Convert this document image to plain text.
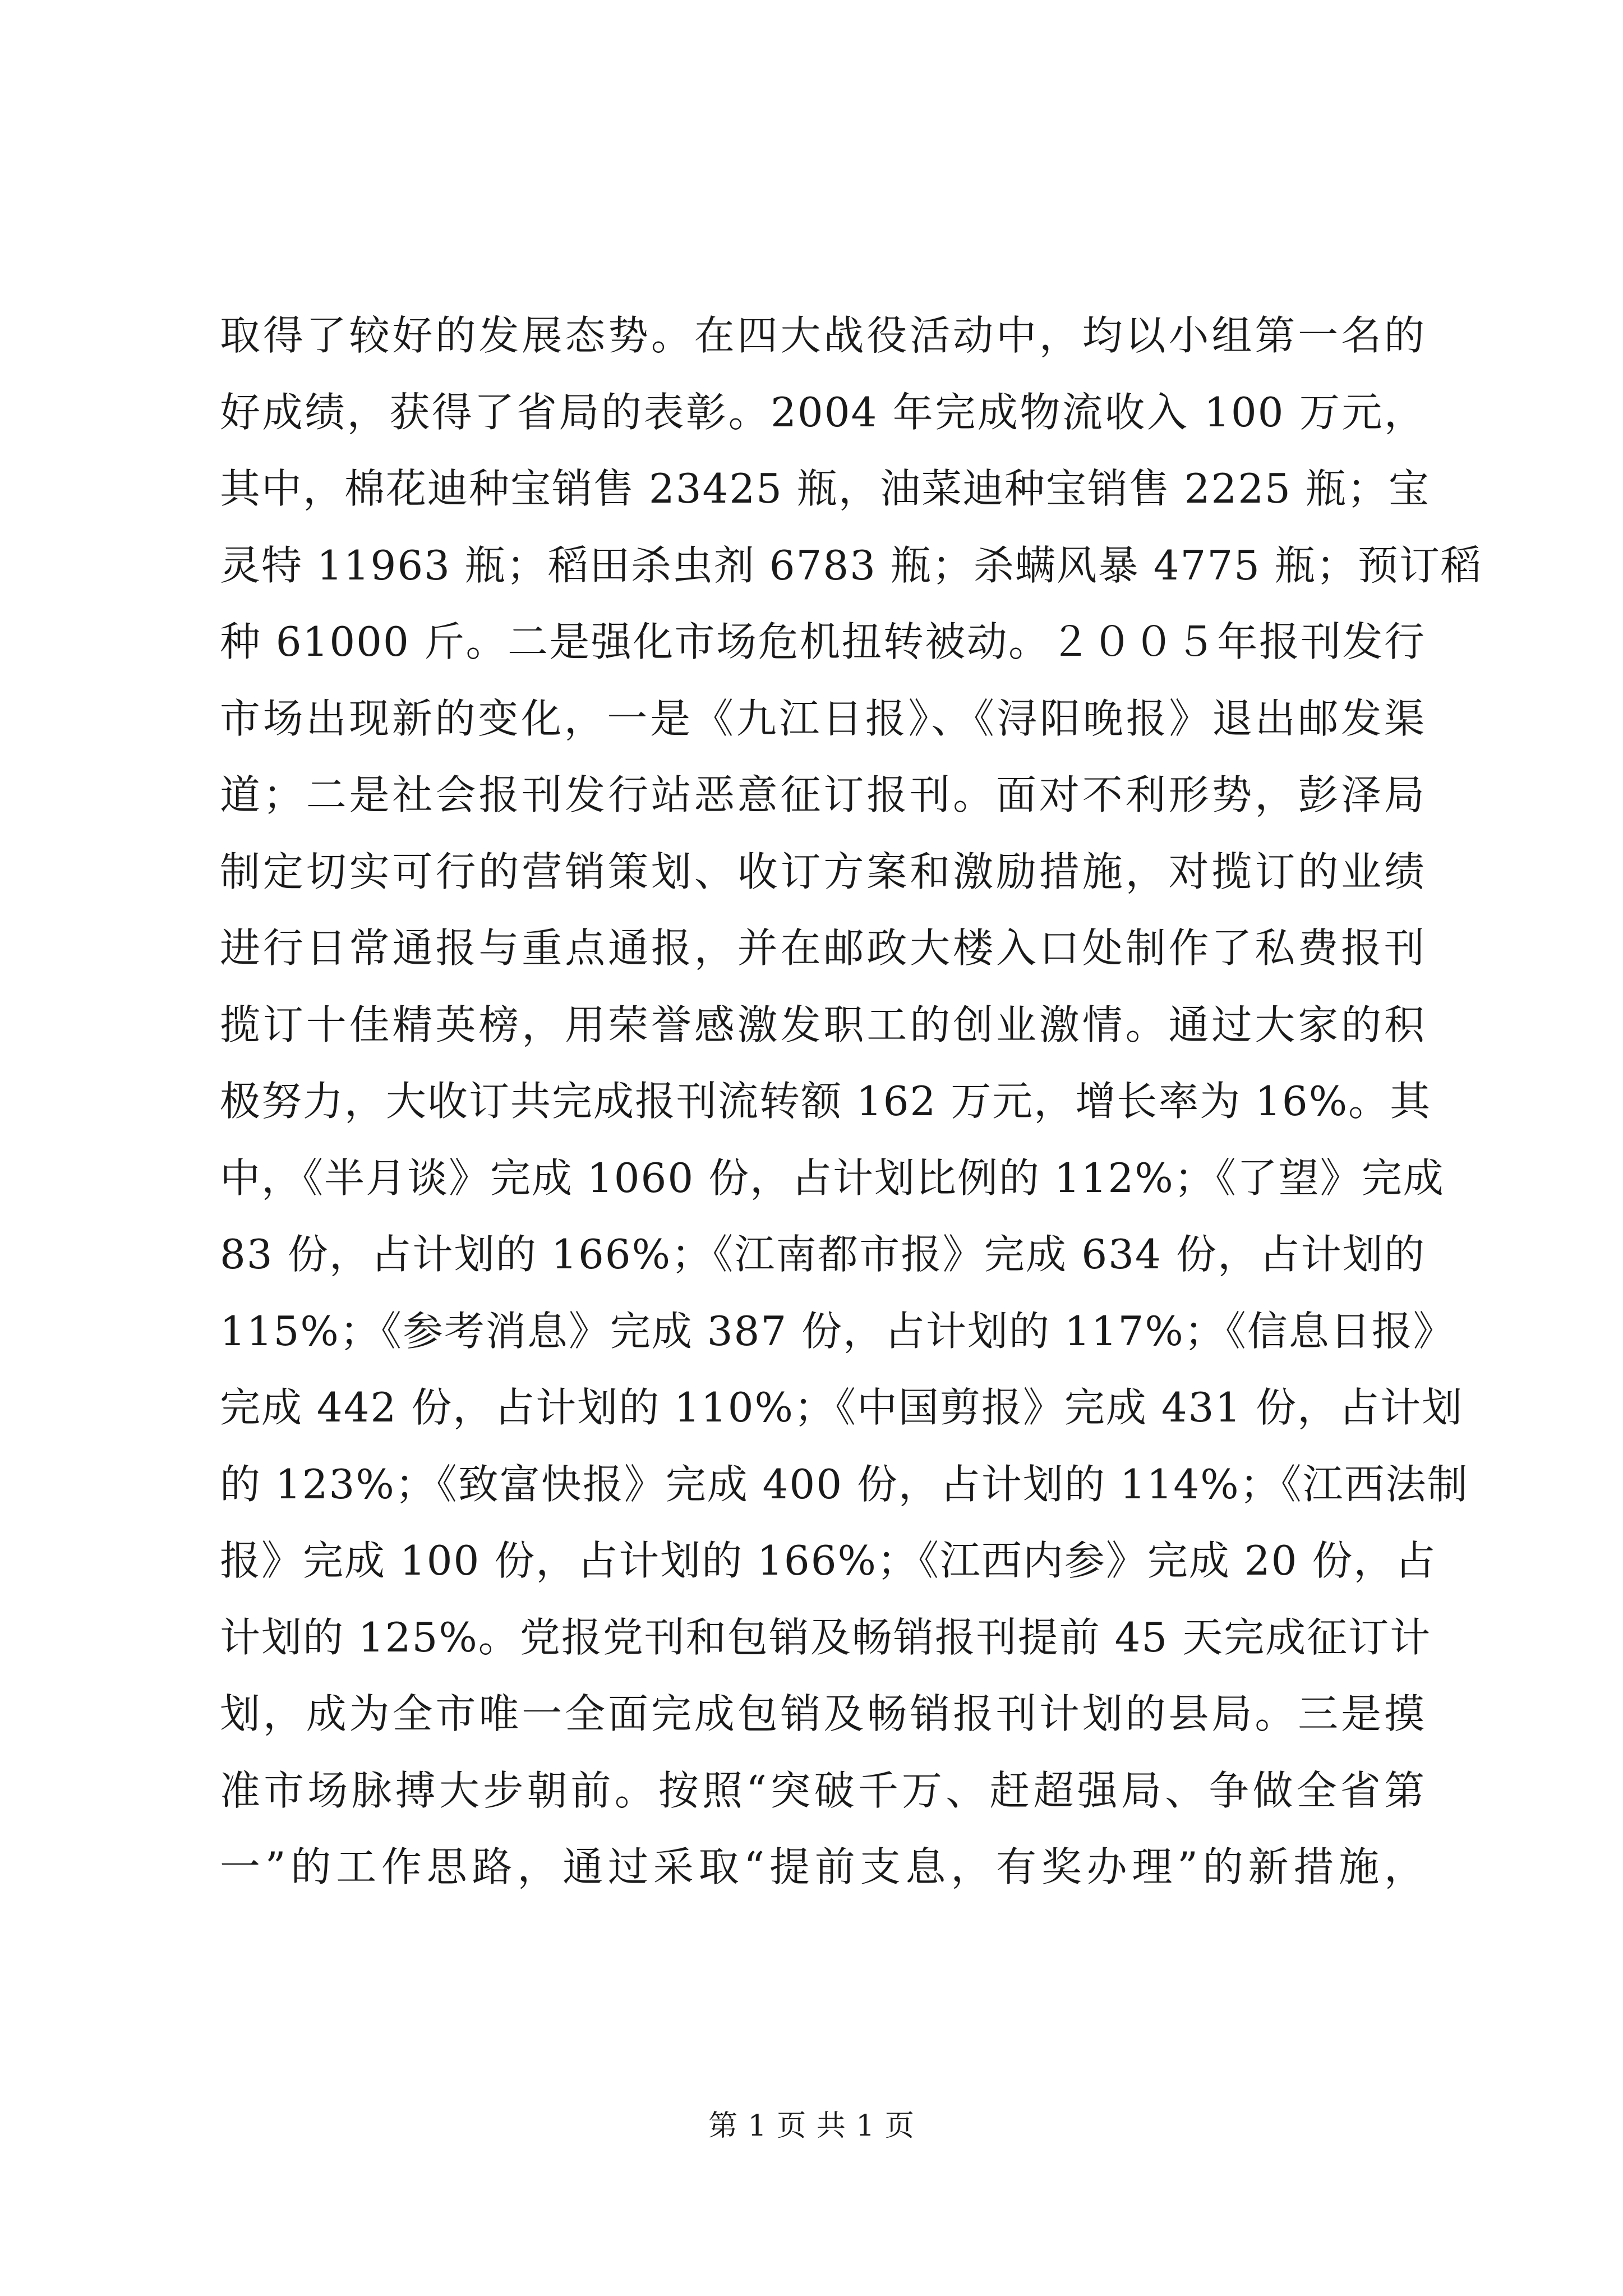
取得了较好的发展态势。在四大战役活动中，均以小组第一名的
好成绩，获得了省局的表彰。2004 年完成物流收入 100 万元，
其中，棉花迪种宝销售 23425 瓶，油菜迪种宝销售 2225 瓶；宝
灵特 11963 瓶；稻田杀虫剂 6783 瓶；杀螨风暴 4775 瓶；预订稻
种 61000 斤。二是强化市场危机扭转被动。２００５年报刊发行
市场出现新的变化，一是《九江日报》、《浔阳晚报》退出邮发渠
道；二是社会报刊发行站恶意征订报刊。面对不利形势，彭泽局
制定切实可行的营销策划、收订方案和激励措施，对揽订的业绩
进行日常通报与重点通报，并在邮政大楼入口处制作了私费报刊
揽订十佳精英榜，用荣誉感激发职工的创业激情。通过大家的积
极努力，大收订共完成报刊流转额 162 万元，增长率为 16%。其
中，《半月谈》完成 1060 份，占计划比例的 112%；《了望》完成
83 份，占计划的 166%；《江南都市报》完成 634 份，占计划的
115%；《参考消息》完成 387 份，占计划的 117%；《信息日报》
完成 442 份，占计划的 110%；《中国剪报》完成 431 份，占计划
的 123%；《致富快报》完成 400 份，占计划的 114%；《江西法制
报》完成 100 份，占计划的 166%；《江西内参》完成 20 份，占
计划的 125%。党报党刊和包销及畅销报刊提前 45 天完成征订计
划，成为全市唯一全面完成包销及畅销报刊计划的县局。三是摸
准市场脉搏大步朝前。按照“突破千万、赶超强局、争做全省第
一”的工作思路，通过采取“提前支息，有奖办理”的新措施，
第 1 页 共 1 页
